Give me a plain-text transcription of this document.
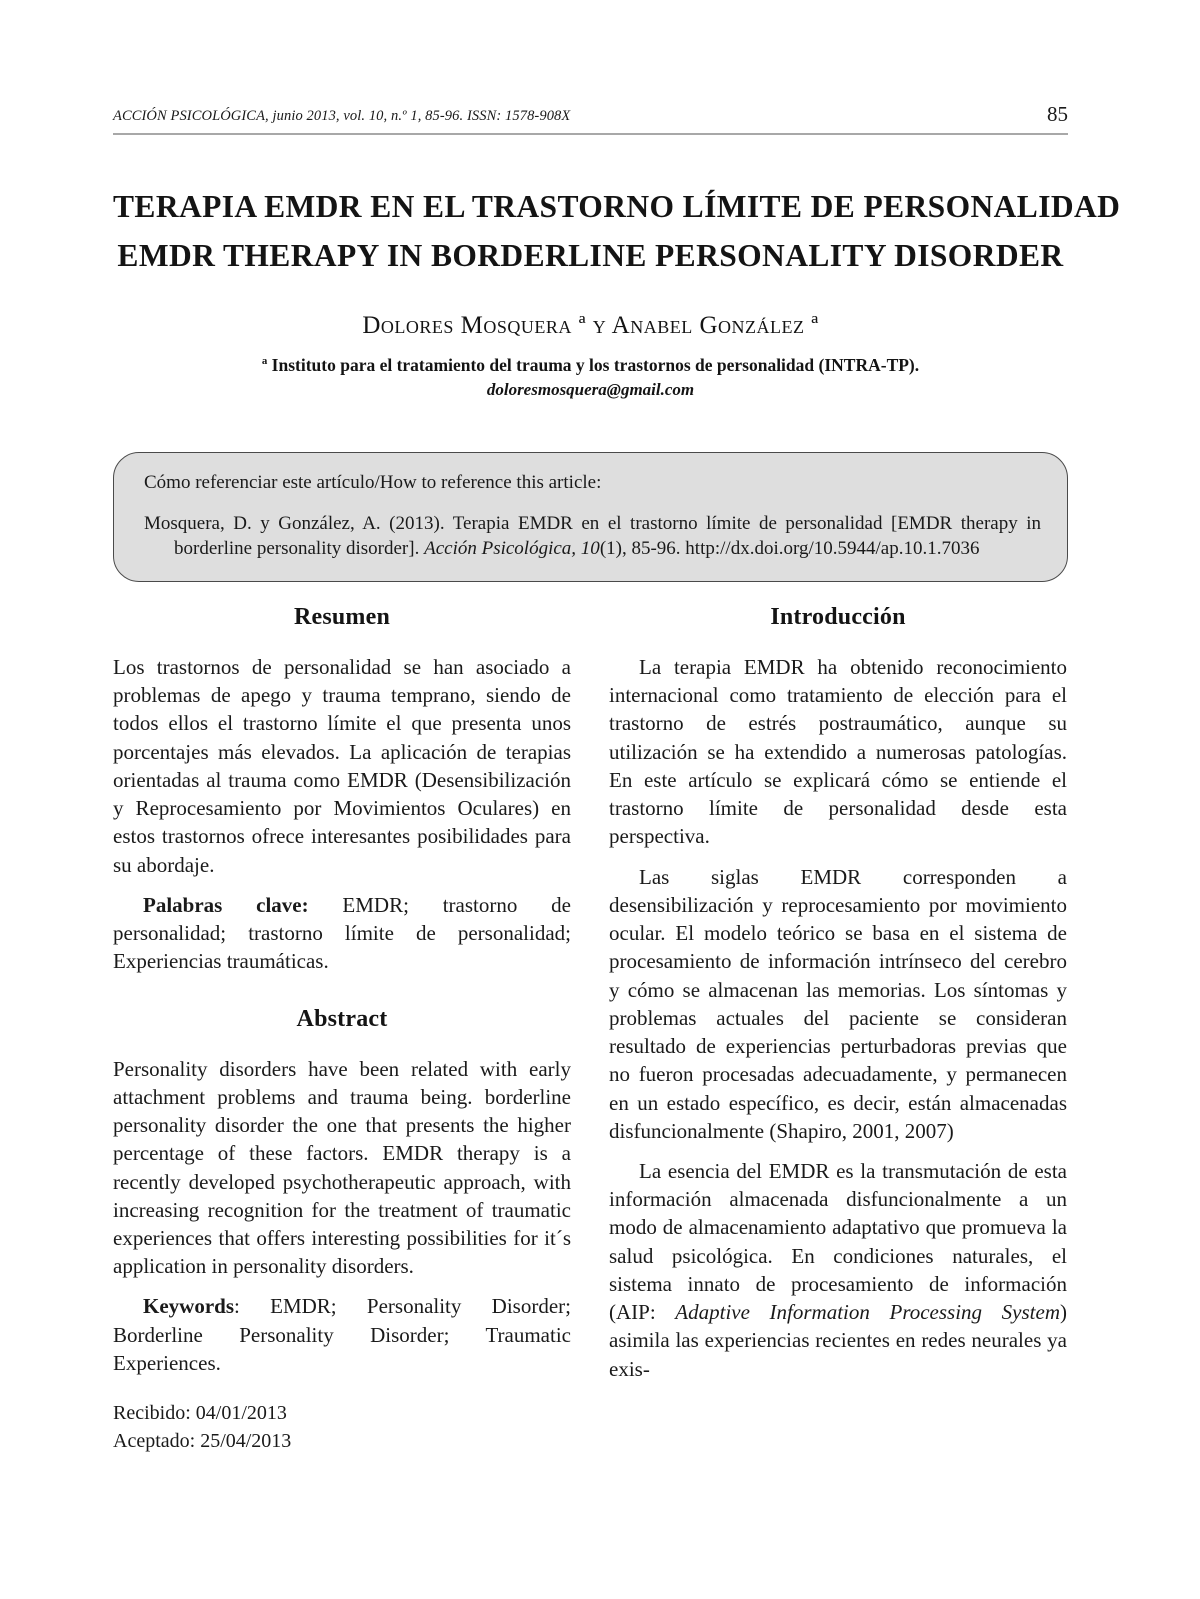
ACCIÓN PSICOLÓGICA, junio 2013, vol. 10, n.º 1, 85-96. ISSN: 1578-908X	85
TERAPIA EMDR EN EL TRASTORNO LÍMITE DE PERSONALIDAD
EMDR THERAPY IN BORDERLINE PERSONALITY DISORDER
Dolores Mosquera ª y Anabel González ª
$^a$ Instituto para el tratamiento del trauma y los trastornos de personalidad (INTRA-TP).
doloresmosquera@gmail.com
Cómo referenciar este artículo/How to reference this article:
Mosquera, D. y González, A. (2013). Terapia EMDR en el trastorno límite de personalidad [EMDR therapy in borderline personality disorder]. Acción Psicológica, 10(1), 85-96. http://dx.doi.org/10.5944/ap.10.1.7036
Resumen

Los trastornos de personalidad se han asociado a problemas de apego y trauma temprano, siendo de todos ellos el trastorno límite el que presenta unos porcentajes más elevados. La aplicación de terapias orientadas al trauma como EMDR (Desensibilización y Reprocesamiento por Movimientos Oculares) en estos trastornos ofrece interesantes posibilidades para su abordaje.

Palabras clave: EMDR; trastorno de personalidad; trastorno límite de personalidad; Experiencias traumáticas.

Abstract

Personality disorders have been related with early attachment problems and trauma being. borderline personality disorder the one that presents the higher percentage of these factors. EMDR therapy is a recently developed psychotherapeutic approach, with increasing recognition for the treatment of traumatic experiences that offers interesting possibilities for it´s application in personality disorders.

Keywords: EMDR; Personality Disorder; Borderline Personality Disorder; Traumatic Experiences.

Introducción

La terapia EMDR ha obtenido reconocimiento internacional como tratamiento de elección para el trastorno de estrés postraumático, aunque su utilización se ha extendido a numerosas patologías. En este artículo se explicará cómo se entiende el trastorno límite de personalidad desde esta perspectiva.

Las siglas EMDR corresponden a desensibilización y reprocesamiento por movimiento ocular. El modelo teórico se basa en el sistema de procesamiento de información intrínseco del cerebro y cómo se almacenan las memorias. Los síntomas y problemas actuales del paciente se consideran resultado de experiencias perturbadoras previas que no fueron procesadas adecuadamente, y permanecen en un estado específico, es decir, están almacenadas disfuncionalmente (Shapiro, 2001, 2007)

La esencia del EMDR es la transmutación de esta información almacenada disfuncionalmente a un modo de almacenamiento adaptativo que promueva la salud psicológica. En condiciones naturales, el sistema innato de procesamiento de información (AIP: Adaptive Information Processing System) asimila las experiencias recientes en redes neurales ya exis-

Recibido: 04/01/2013
Aceptado: 25/04/2013
